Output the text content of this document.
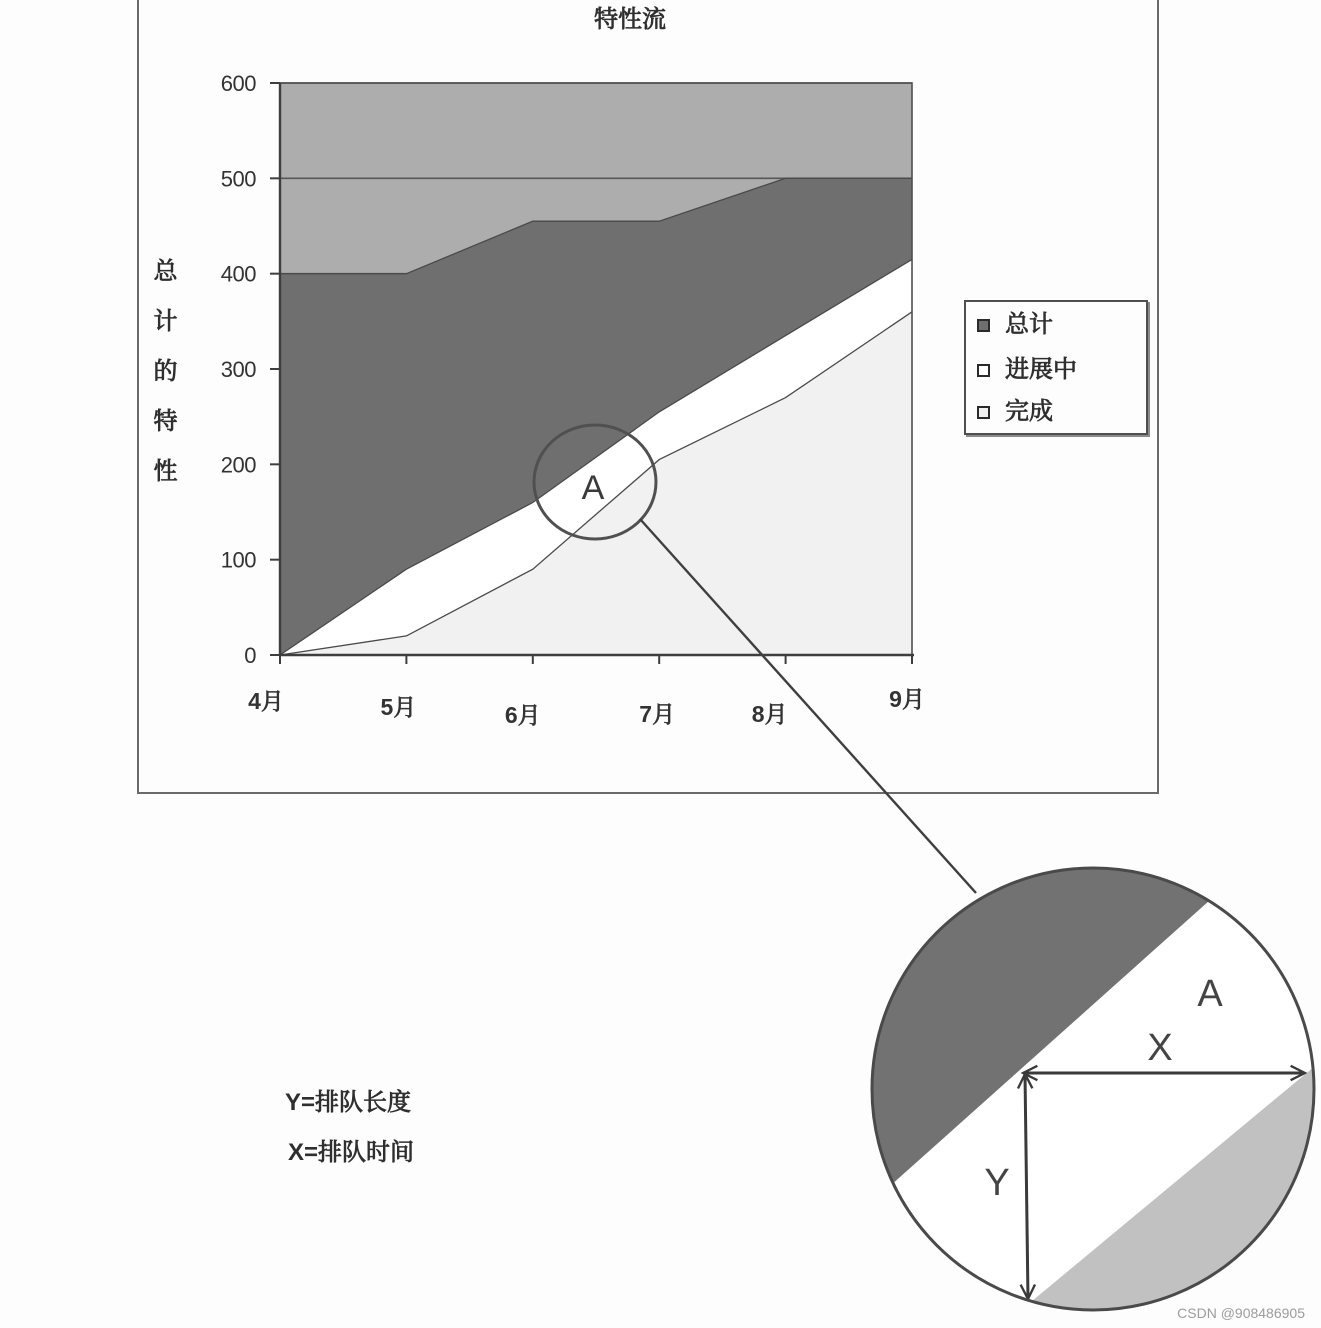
0
100
200
300
400
500
600
4月	5月	6月	7月	8月
9月
A
A
X
Y
特性流
总计的特性	总计
进展中
完成
Y=排队长度
X=排队时间
CSDN @908486905
